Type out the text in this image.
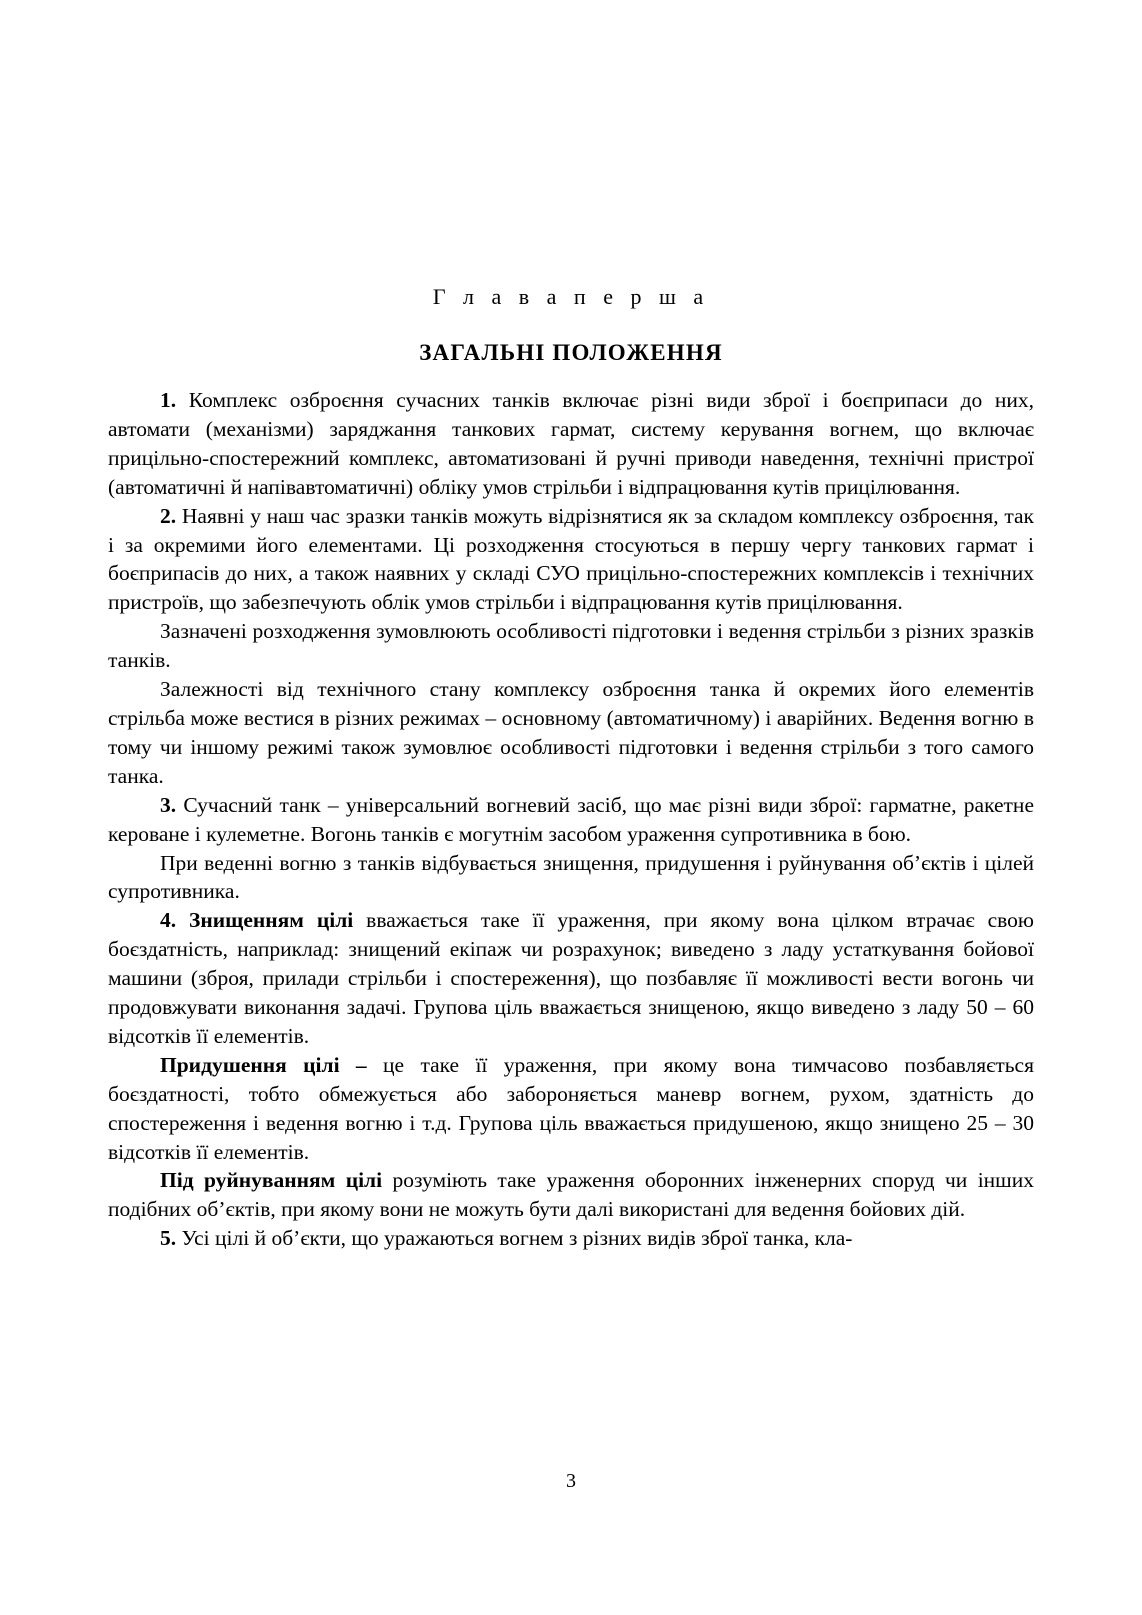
Г л а в а п е р ш а
ЗАГАЛЬНІ ПОЛОЖЕННЯ

1. Комплекс озброєння сучасних танків включає різні види зброї і боєприпаси до них, автомати (механізми) заряджання танкових гармат, систему керування вогнем, що включає прицільно-спостережний комплекс, автоматизовані й ручні приводи наведення, технічні пристрої (автоматичні й напівавтоматичні) обліку умов стрільби і відпрацювання кутів прицілювання.

2. Наявні у наш час зразки танків можуть відрізнятися як за складом комплексу озброєння, так і за окремими його елементами. Ці розходження стосуються в першу чергу танкових гармат і боєприпасів до них, а також наявних у складі СУО прицільно-спостережних комплексів і технічних пристроїв, що забезпечують облік умов стрільби і відпрацювання кутів прицілювання.

Зазначені розходження зумовлюють особливості підготовки і ведення стрільби з різних зразків танків.

Залежності від технічного стану комплексу озброєння танка й окремих його елементів стрільба може вестися в різних режимах – основному (автоматичному) і аварійних. Ведення вогню в тому чи іншому режимі також зумовлює особливості підготовки і ведення стрільби з того самого танка.

3. Сучасний танк – універсальний вогневий засіб, що має різні види зброї: гарматне, ракетне кероване і кулеметне. Вогонь танків є могутнім засобом ураження супротивника в бою.

При веденні вогню з танків відбувається знищення, придушення і руйнування об’єктів і цілей супротивника.

4. Знищенням цілі вважається таке її ураження, при якому вона цілком втрачає свою боєздатність, наприклад: знищений екіпаж чи розрахунок; виведено з ладу устаткування бойової машини (зброя, прилади стрільби і спостереження), що позбавляє її можливості вести вогонь чи продовжувати виконання задачі. Групова ціль вважається знищеною, якщо виведено з ладу 50 – 60 відсотків її елементів.

Придушення цілі – це таке її ураження, при якому вона тимчасово позбавляється боєздатності, тобто обмежується або забороняється маневр вогнем, рухом, здатність до спостереження і ведення вогню і т.д. Групова ціль вважається придушеною, якщо знищено 25 – 30 відсотків її елементів.

Під руйнуванням цілі розуміють таке ураження оборонних інженерних споруд чи інших подібних об’єктів, при якому вони не можуть бути далі використані для ведення бойових дій.

5. Усі цілі й об’єкти, що уражаються вогнем з різних видів зброї танка, кла-

3
